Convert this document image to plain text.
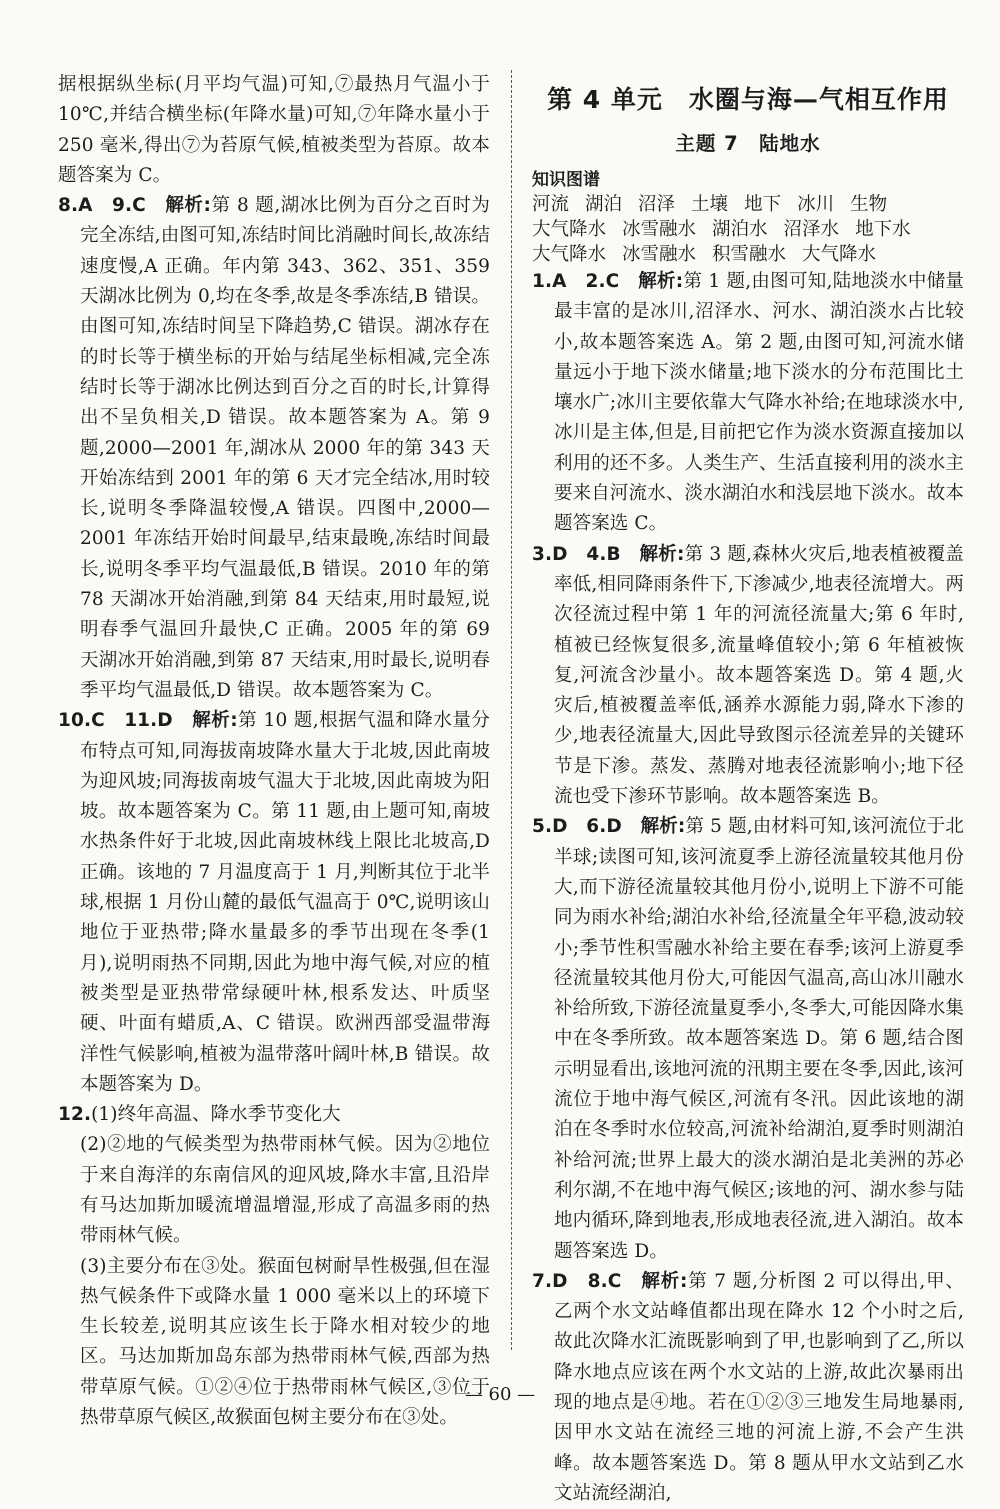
据根据纵坐标(月平均气温)可知,⑦最热月气温小于 10℃,并结合横坐标(年降水量)可知,⑦年降水量小于 250 毫米,得出⑦为苔原气候,植被类型为苔原。故本题答案为 C。

8.A　9.C　 解析:第 8 题,湖冰比例为百分之百时为完全冻结,由图可知,冻结时间比消融时间长,故冻结速度慢,A 正确。年内第 343、362、351、359 天湖冰比例为 0,均在冬季,故是冬季冻结,B 错误。由图可知,冻结时间呈下降趋势,C 错误。湖冰存在的时长等于横坐标的开始与结尾坐标相减,完全冻结时长等于湖冰比例达到百分之百的时长,计算得出不呈负相关,D 错误。故本题答案为 A。第 9 题,2000—2001 年,湖冰从 2000 年的第 343 天开始冻结到 2001 年的第 6 天才完全结冰,用时较长,说明冬季降温较慢,A 错误。四图中,2000—2001 年冻结开始时间最早,结束最晚,冻结时间最长,说明冬季平均气温最低,B 错误。2010 年的第 78 天湖冰开始消融,到第 84 天结束,用时最短,说明春季气温回升最快,C 正确。2005 年的第 69 天湖冰开始消融,到第 87 天结束,用时最长,说明春季平均气温最低,D 错误。故本题答案为 C。

10.C　11.D　 解析:第 10 题,根据气温和降水量分布特点可知,同海拔南坡降水量大于北坡,因此南坡为迎风坡;同海拔南坡气温大于北坡,因此南坡为阳坡。故本题答案为 C。第 11 题,由上题可知,南坡水热条件好于北坡,因此南坡林线上限比北坡高,D 正确。该地的 7 月温度高于 1 月,判断其位于北半球,根据 1 月份山麓的最低气温高于 0℃,说明该山地位于亚热带;降水量最多的季节出现在冬季(1 月),说明雨热不同期,因此为地中海气候,对应的植被类型是亚热带常绿硬叶林,根系发达、叶质坚硬、叶面有蜡质,A、C 错误。欧洲西部受温带海洋性气候影响,植被为温带落叶阔叶林,B 错误。故本题答案为 D。

12.(1)终年高温、降水季节变化大

(2)②地的气候类型为热带雨林气候。因为②地位于来自海洋的东南信风的迎风坡,降水丰富,且沿岸有马达加斯加暖流增温增湿,形成了高温多雨的热带雨林气候。

(3)主要分布在③处。猴面包树耐旱性极强,但在湿热气候条件下或降水量 1 000 毫米以上的环境下生长较差,说明其应该生长于降水相对较少的地区。马达加斯加岛东部为热带雨林气候,西部为热带草原气候。①②④位于热带雨林气候区,③位于热带草原气候区,故猴面包树主要分布在③处。

第 4 单元　水圈与海—气相互作用
主题 7　陆地水
知识图谱
河流 湖泊 沼泽 土壤 地下 冰川 生物
大气降水 冰雪融水 湖泊水 沼泽水 地下水
大气降水 冰雪融水 积雪融水 大气降水

1.A　2.C　 解析:第 1 题,由图可知,陆地淡水中储量最丰富的是冰川,沼泽水、河水、湖泊淡水占比较小,故本题答案选 A。第 2 题,由图可知,河流水储量远小于地下淡水储量;地下淡水的分布范围比土壤水广;冰川主要依靠大气降水补给;在地球淡水中,冰川是主体,但是,目前把它作为淡水资源直接加以利用的还不多。人类生产、生活直接利用的淡水主要来自河流水、淡水湖泊水和浅层地下淡水。故本题答案选 C。

3.D　4.B　 解析:第 3 题,森林火灾后,地表植被覆盖率低,相同降雨条件下,下渗减少,地表径流增大。两次径流过程中第 1 年的河流径流量大;第 6 年时,植被已经恢复很多,流量峰值较小;第 6 年植被恢复,河流含沙量小。故本题答案选 D。第 4 题,火灾后,植被覆盖率低,涵养水源能力弱,降水下渗的少,地表径流量大,因此导致图示径流差异的关键环节是下渗。蒸发、蒸腾对地表径流影响小;地下径流也受下渗环节影响。故本题答案选 B。

5.D　6.D　 解析:第 5 题,由材料可知,该河流位于北半球;读图可知,该河流夏季上游径流量较其他月份大,而下游径流量较其他月份小,说明上下游不可能同为雨水补给;湖泊水补给,径流量全年平稳,波动较小;季节性积雪融水补给主要在春季;该河上游夏季径流量较其他月份大,可能因气温高,高山冰川融水补给所致,下游径流量夏季小,冬季大,可能因降水集中在冬季所致。故本题答案选 D。第 6 题,结合图示明显看出,该地河流的汛期主要在冬季,因此,该河流位于地中海气候区,河流有冬汛。因此该地的湖泊在冬季时水位较高,河流补给湖泊,夏季时则湖泊补给河流;世界上最大的淡水湖泊是北美洲的苏必利尔湖,不在地中海气候区;该地的河、湖水参与陆地内循环,降到地表,形成地表径流,进入湖泊。故本题答案选 D。

7.D　8.C　 解析:第 7 题,分析图 2 可以得出,甲、乙两个水文站峰值都出现在降水 12 个小时之后,故此次降水汇流既影响到了甲,也影响到了乙,所以降水地点应该在两个水文站的上游,故此次暴雨出现的地点是④地。若在①②③三地发生局地暴雨,因甲水文站在流经三地的河流上游,不会产生洪峰。故本题答案选 D。第 8 题从甲水文站到乙水文站流经湖泊,

— 60 —
